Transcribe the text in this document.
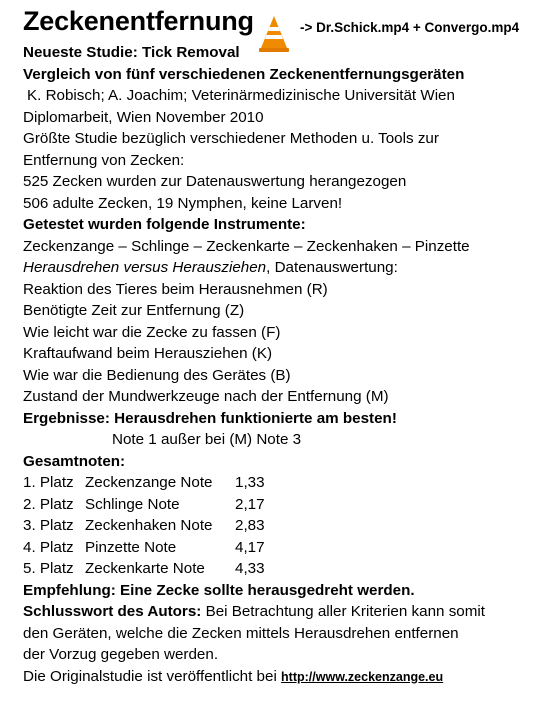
Zeckenentfernung	-> Dr.Schick.mp4 + Convergo.mp4
Neueste Studie: Tick Removal
Vergleich von fünf verschiedenen Zeckenentfernungsgeräten
K. Robisch; A. Joachim; Veterinärmedizinische Universität Wien
Diplomarbeit, Wien November 2010
Größte Studie bezüglich verschiedener Methoden u. Tools zur
Entfernung von Zecken:
525 Zecken wurden zur Datenauswertung herangezogen
506 adulte Zecken, 19 Nymphen, keine Larven!
Getestet wurden folgende Instrumente:
Zeckenzange – Schlinge – Zeckenkarte – Zeckenhaken – Pinzette
Herausdrehen versus Herausziehen, Datenauswertung:
Reaktion des Tieres beim Herausnehmen (R)
Benötigte Zeit zur Entfernung (Z)
Wie leicht war die Zecke zu fassen (F)
Kraftaufwand beim Herausziehen (K)
Wie war die Bedienung des Gerätes (B)
Zustand der Mundwerkzeuge nach der Entfernung (M)
Ergebnisse: Herausdrehen funktionierte am besten!
Note 1 außer bei (M) Note 3
Gesamtnoten:
1. Platz Zeckenzange Note	1,33
2. Platz Schlinge Note	2,17
3. Platz Zeckenhaken Note	2,83
4. Platz Pinzette Note	4,17
5. Platz Zeckenkarte Note	4,33
Empfehlung: Eine Zecke sollte herausgedreht werden.
Schlusswort des Autors: Bei Betrachtung aller Kriterien kann somit
den Geräten, welche die Zecken mittels Herausdrehen entfernen
der Vorzug gegeben werden.
Die Originalstudie ist veröffentlicht bei http://www.zeckenzange.eu
